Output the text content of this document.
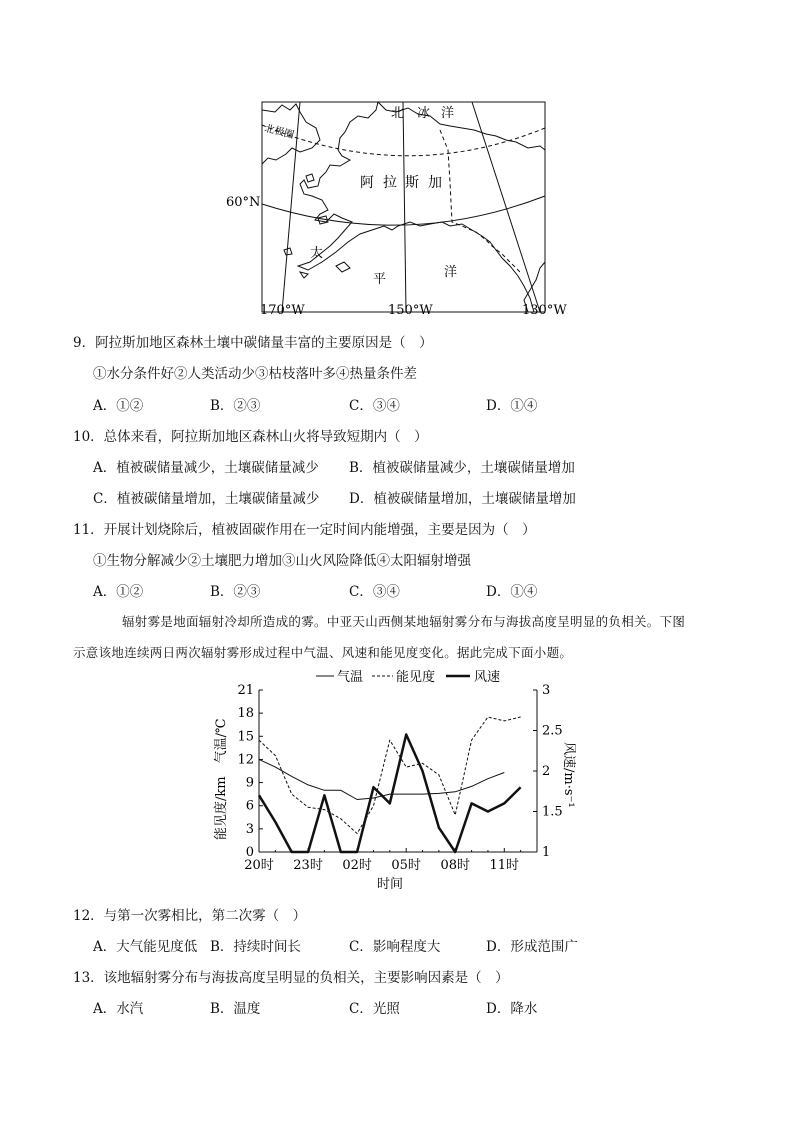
北 冰 洋
北极圈
阿 拉 斯 加
太
平	洋
60°N
170°W	150°W	130°W
9．阿拉斯加地区森林土壤中碳储量丰富的主要原因是（　）
①水分条件好②人类活动少③枯枝落叶多④热量条件差
A．①②	B．②③	C．③④	D．①④
10．总体来看，阿拉斯加地区森林山火将导致短期内（　）
A．植被碳储量减少，土壤碳储量减少 B．植被碳储量减少，土壤碳储量增加
C．植被碳储量增加，土壤碳储量减少 D．植被碳储量增加，土壤碳储量增加
11．开展计划烧除后，植被固碳作用在一定时间内能增强，主要是因为（　）
①生物分解减少②土壤肥力增加③山火风险降低④太阳辐射增强
A．①②	B．②③	C．③④	D．①④
辐射雾是地面辐射冷却所造成的雾。中亚天山西侧某地辐射雾分布与海拔高度呈明显的负相关。下图
示意该地连续两日两次辐射雾形成过程中气温、风速和能见度变化。据此完成下面小题。
气温	能见度	风速
0
3
6
9
12
15
18
21
1
1.5
2
2.5
3
20时 23时 02时 05时 08时 11时
能见度/km　气温/℃	风速/m·s⁻¹
时间
12．与第一次雾相比，第二次雾（　）
A．大气能见度低 B．持续时间长	C．影响程度大	D．形成范围广
13．该地辐射雾分布与海拔高度呈明显的负相关，主要影响因素是（　）
A．水汽	B．温度	C．光照	D．降水
